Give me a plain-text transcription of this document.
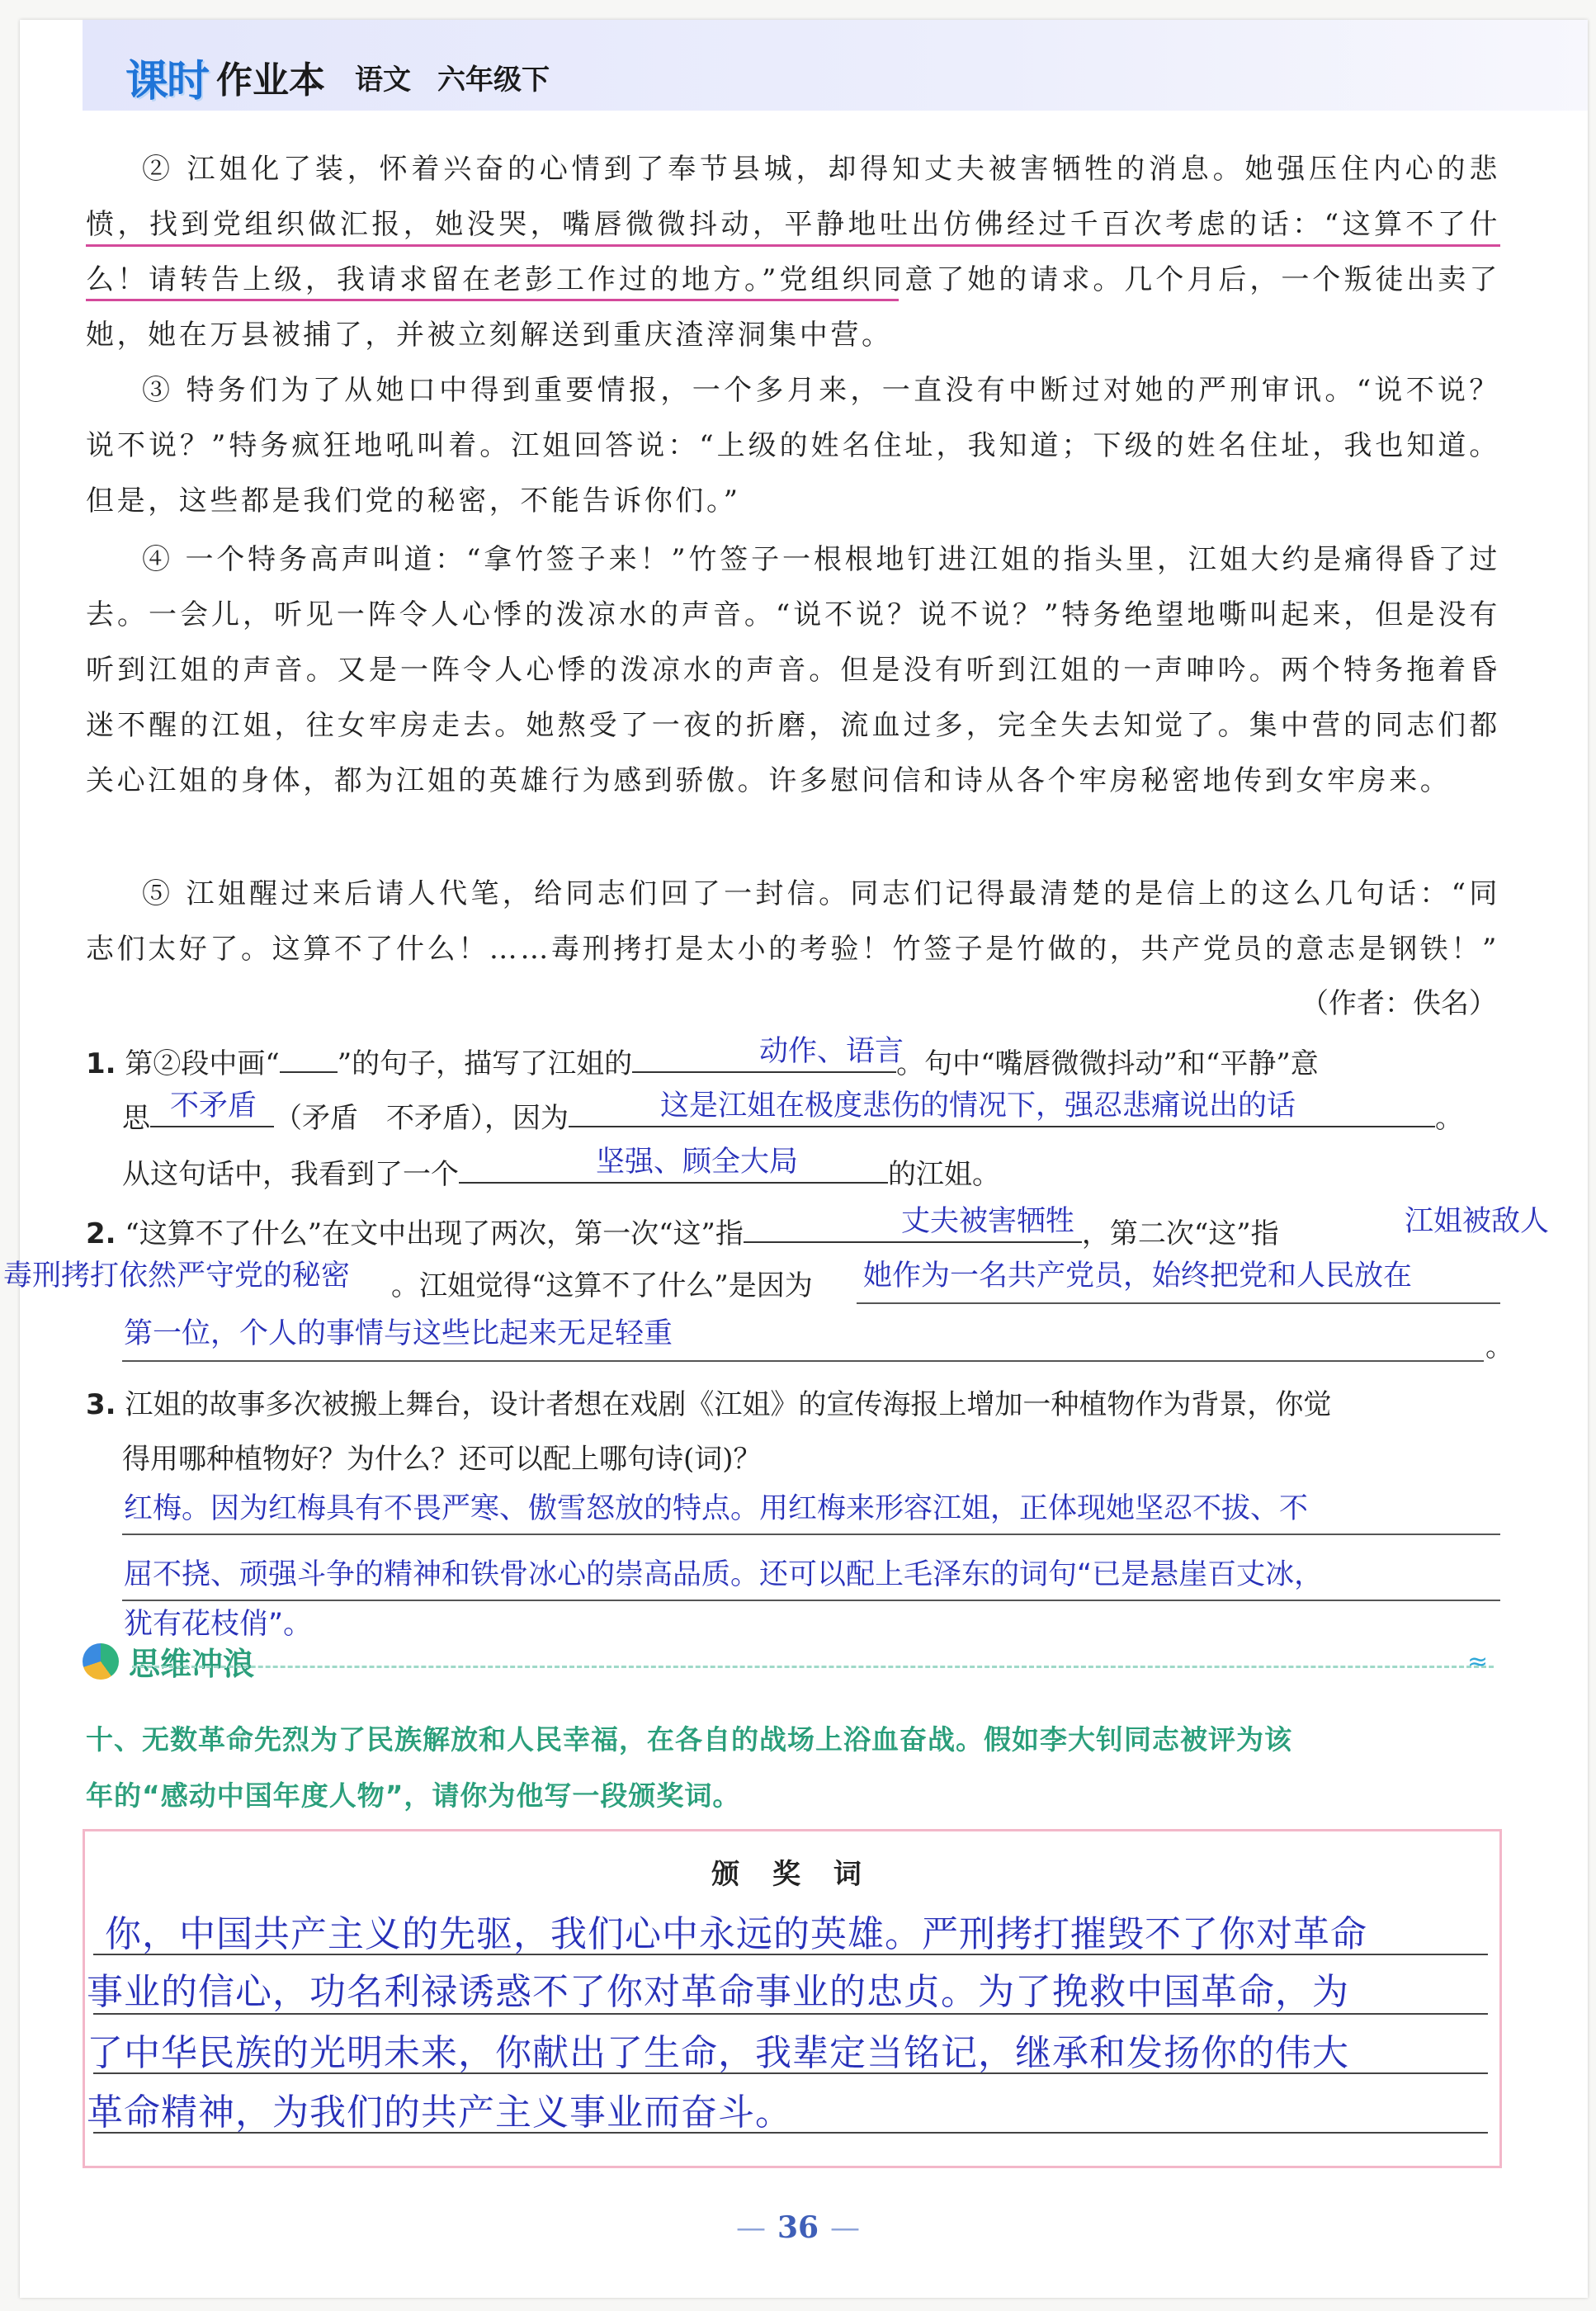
课时 作业本 语文 六年级下

② 江姐化了装，怀着兴奋的心情到了奉节县城，却得知丈夫被害牺牲的消息。她强压住内心的悲愤，找到党组织做汇报，她没哭，嘴唇微微抖动，平静地吐出仿佛经过千百次考虑的话：“这算不了什么！请转告上级，我请求留在老彭工作过的地方。”党组织同意了她的请求。几个月后，一个叛徒出卖了她，她在万县被捕了，并被立刻解送到重庆渣滓洞集中营。

③ 特务们为了从她口中得到重要情报，一个多月来，一直没有中断过对她的严刑审讯。“说不说？说不说？”特务疯狂地吼叫着。江姐回答说：“上级的姓名住址，我知道；下级的姓名住址，我也知道。但是，这些都是我们党的秘密，不能告诉你们。”

④ 一个特务高声叫道：“拿竹签子来！”竹签子一根根地钉进江姐的指头里，江姐大约是痛得昏了过去。一会儿，听见一阵令人心悸的泼凉水的声音。“说不说？说不说？”特务绝望地嘶叫起来，但是没有听到江姐的声音。又是一阵令人心悸的泼凉水的声音。但是没有听到江姐的一声呻吟。两个特务拖着昏迷不醒的江姐，往女牢房走去。她熬受了一夜的折磨，流血过多，完全失去知觉了。集中营的同志们都关心江姐的身体，都为江姐的英雄行为感到骄傲。许多慰问信和诗从各个牢房秘密地传到女牢房来。

⑤ 江姐醒过来后请人代笔，给同志们回了一封信。同志们记得最清楚的是信上的这么几句话：“同志们太好了。这算不了什么！……毒刑拷打是太小的考验！竹签子是竹做的，共产党员的意志是钢铁！”

（作者：佚名）
1. 第②段中画“ ”的句子，描写了江姐的	。句中“嘴唇微微抖动”和“平静”意
动作、语言
思	（矛盾　不矛盾），因为	。
不矛盾	这是江姐在极度悲伤的情况下，强忍悲痛说出的话
从这句话中，我看到了一个	的江姐。
坚强、顾全大局
2. “这算不了什么”在文中出现了两次，第一次“这”指	，第二次“这”指
丈夫被害牺牲	江姐被敌人
毒刑拷打依然严守党的秘密 。江姐觉得“这算不了什么”是因为 她作为一名共产党员，始终把党和人民放在
第一位，个人的事情与这些比起来无足轻重	。
3. 江姐的故事多次被搬上舞台，设计者想在戏剧《江姐》的宣传海报上增加一种植物作为背景，你觉
得用哪种植物好？为什么？还可以配上哪句诗(词)？
红梅。因为红梅具有不畏严寒、傲雪怒放的特点。用红梅来形容江姐，正体现她坚忍不拔、不
屈不挠、顽强斗争的精神和铁骨冰心的崇高品质。还可以配上毛泽东的词句“已是悬崖百丈冰，
犹有花枝俏”。
思维冲浪	≈
十、无数革命先烈为了民族解放和人民幸福，在各自的战场上浴血奋战。假如李大钊同志被评为该
年的“感动中国年度人物”，请你为他写一段颁奖词。
颁 奖 词
你，中国共产主义的先驱，我们心中永远的英雄。严刑拷打摧毁不了你对革命
事业的信心，功名利禄诱惑不了你对革命事业的忠贞。为了挽救中国革命，为
了中华民族的光明未来，你献出了生命，我辈定当铭记，继承和发扬你的伟大
革命精神，为我们的共产主义事业而奋斗。
— 36 —
